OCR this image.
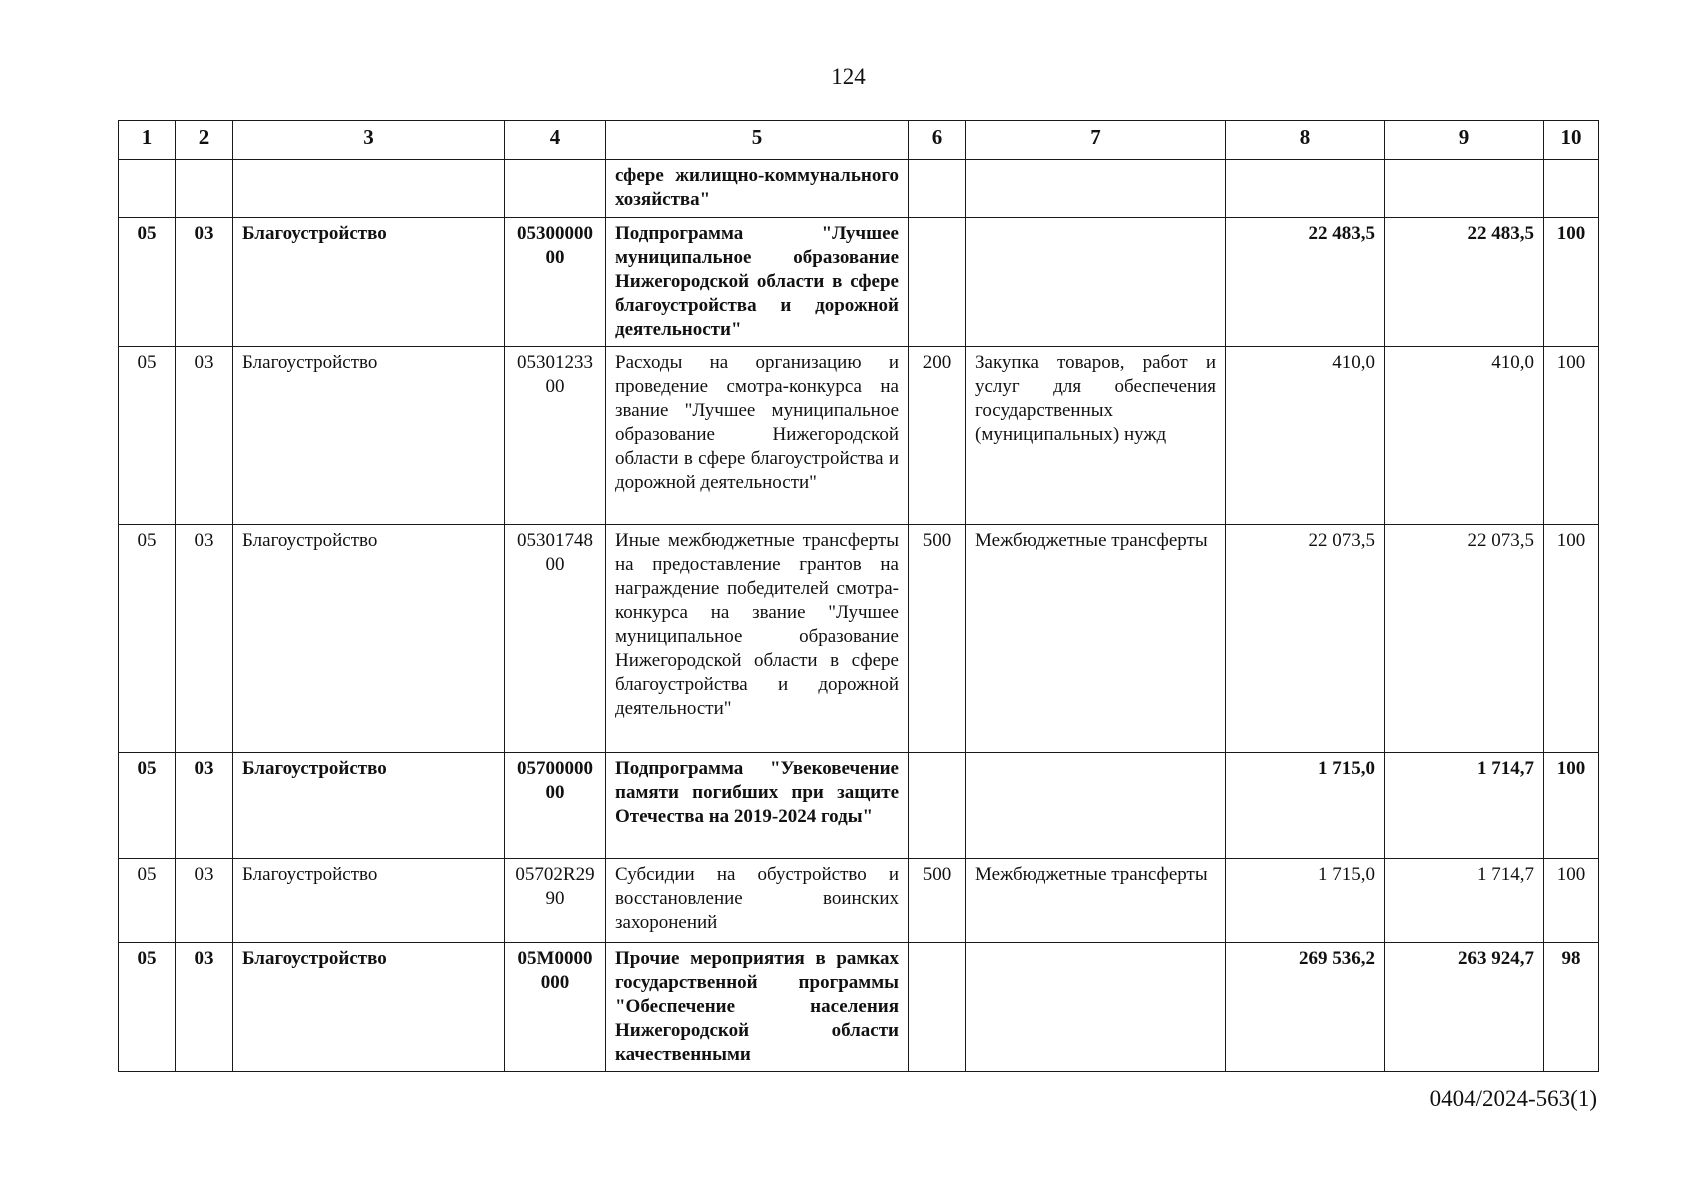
124
1	2	3	4	5	6	7	8	9	10

				сфере жилищно-коммунального хозяйства"					

05	03	Благоустройство	0530000000	Подпрограмма "Лучшее муниципальное образование Нижегородской области в сфере благоустройства и дорожной деятельности"			22 483,5	22 483,5	100
05	03	Благоустройство	0530123300	Расходы на организацию и проведение смотра-конкурса на звание "Лучшее муниципальное образование Нижегородской области в сфере благоустройства и дорожной деятельности"	200	Закупка товаров, работ и услуг для обеспечения государственных (муниципальных) нужд	410,0	410,0	100
05	03	Благоустройство	0530174800	Иные межбюджетные трансферты на предоставление грантов на награждение победителей смотра-конкурса на звание "Лучшее муниципальное образование Нижегородской области в сфере благоустройства и дорожной деятельности"	500	Межбюджетные трансферты	22 073,5	22 073,5	100
05	03	Благоустройство	0570000000	Подпрограмма "Увековечение памяти погибших при защите Отечества на 2019-2024 годы"			1 715,0	1 714,7	100
05	03	Благоустройство	05702R2990	Субсидии на обустройство и восстановление воинских захоронений	500	Межбюджетные трансферты	1 715,0	1 714,7	100
05	03	Благоустройство	05М0000000	Прочие мероприятия в рамках государственной программы "Обеспечение населения Нижегородской области качественными			269 536,2	263 924,7	98
0404/2024-563(1)
